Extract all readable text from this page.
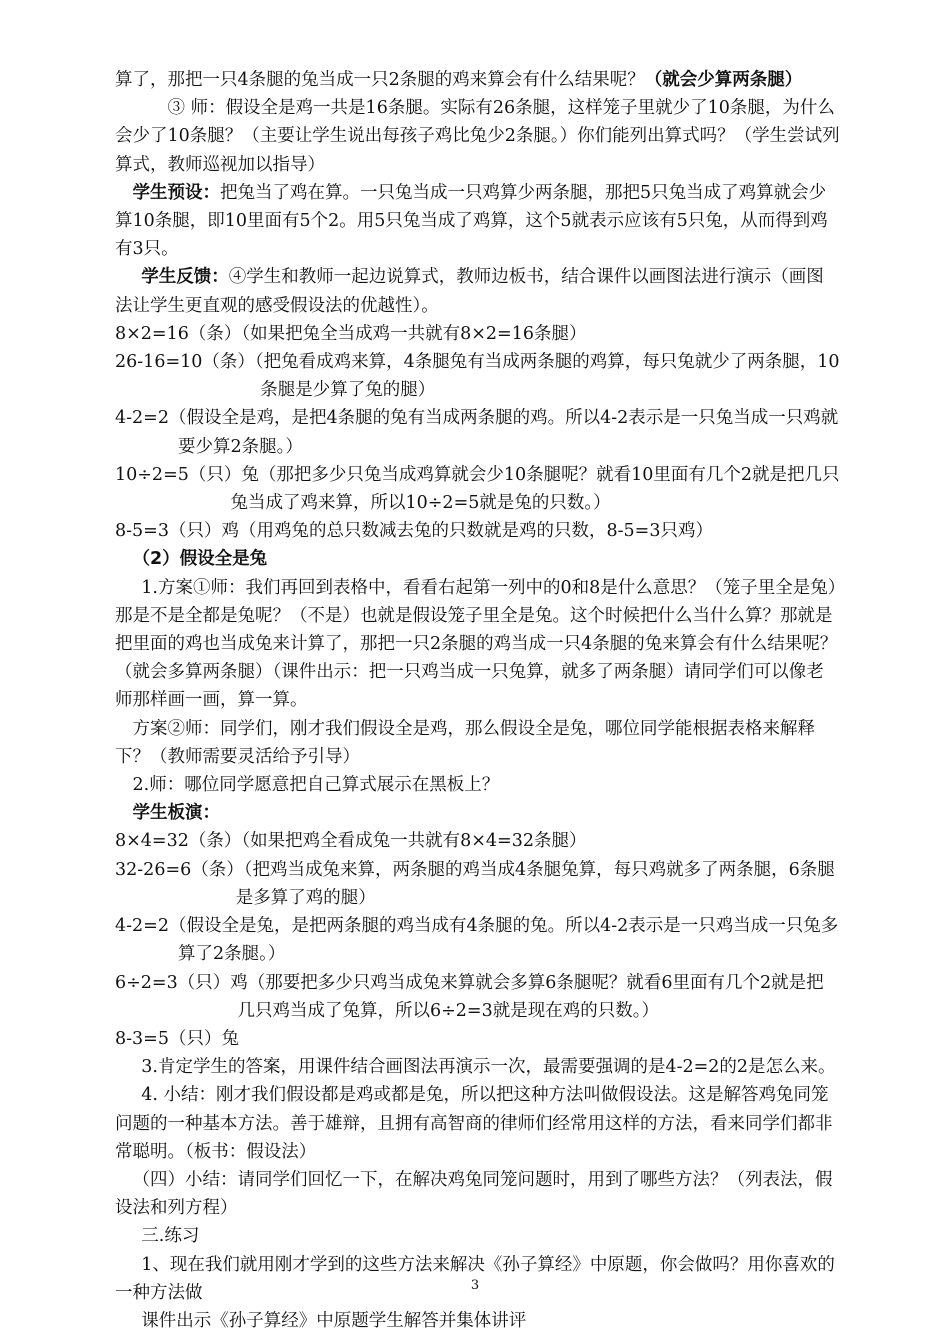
算了，那把一只4条腿的兔当成一只2条腿的鸡来算会有什么结果呢？（就会少算两条腿）

③ 师：假设全是鸡一共是16条腿。实际有26条腿，这样笼子里就少了10条腿，为什么会少了10条腿？（主要让学生说出每孩子鸡比兔少2条腿。）你们能列出算式吗？（学生尝试列算式，教师巡视加以指导）

学生预设：把兔当了鸡在算。一只兔当成一只鸡算少两条腿，那把5只兔当成了鸡算就会少算10条腿，即10里面有5个2。用5只兔当成了鸡算，这个5就表示应该有5只兔，从而得到鸡有3只。

学生反馈：④学生和教师一起边说算式，教师边板书，结合课件以画图法进行演示（画图法让学生更直观的感受假设法的优越性）。

8×2=16（条）（如果把兔全当成鸡一共就有8×2=16条腿）

26-16=10（条）（把兔看成鸡来算，4条腿兔有当成两条腿的鸡算，每只兔就少了两条腿，10条腿是少算了兔的腿）

4-2=2（假设全是鸡，是把4条腿的兔有当成两条腿的鸡。所以4-2表示是一只兔当成一只鸡就要少算2条腿。）

10÷2=5（只）兔（那把多少只兔当成鸡算就会少10条腿呢？就看10里面有几个2就是把几只兔当成了鸡来算，所以10÷2=5就是兔的只数。）

8-5=3（只）鸡（用鸡兔的总只数减去兔的只数就是鸡的只数，8-5=3只鸡）

（2）假设全是兔

1.方案①师：我们再回到表格中，看看右起第一列中的0和8是什么意思？（笼子里全是兔）那是不是全都是兔呢？（不是）也就是假设笼子里全是兔。这个时候把什么当什么算？那就是把里面的鸡也当成兔来计算了，那把一只2条腿的鸡当成一只4条腿的兔来算会有什么结果呢？（就会多算两条腿）（课件出示：把一只鸡当成一只兔算，就多了两条腿）请同学们可以像老师那样画一画，算一算。

方案②师：同学们，刚才我们假设全是鸡，那么假设全是兔，哪位同学能根据表格来解释下？（教师需要灵活给予引导）

2.师：哪位同学愿意把自己算式展示在黑板上？

学生板演：

8×4=32（条）（如果把鸡全看成兔一共就有8×4=32条腿）

32-26=6（条）（把鸡当成兔来算，两条腿的鸡当成4条腿兔算，每只鸡就多了两条腿，6条腿是多算了鸡的腿）

4-2=2（假设全是兔，是把两条腿的鸡当成有4条腿的兔。所以4-2表示是一只鸡当成一只兔多算了2条腿。）

6÷2=3（只）鸡（那要把多少只鸡当成兔来算就会多算6条腿呢？就看6里面有几个2就是把几只鸡当成了兔算，所以6÷2=3就是现在鸡的只数。）

8-3=5（只）兔

3.肯定学生的答案，用课件结合画图法再演示一次，最需要强调的是4-2=2的2是怎么来。

4. 小结：刚才我们假设都是鸡或都是兔，所以把这种方法叫做假设法。这是解答鸡兔同笼问题的一种基本方法。善于雄辩，且拥有高智商的律师们经常用这样的方法，看来同学们都非常聪明。（板书：假设法）

（四）小结：请同学们回忆一下，在解决鸡兔同笼问题时，用到了哪些方法？（列表法，假设法和列方程）

三.练习

1、现在我们就用刚才学到的这些方法来解决《孙子算经》中原题，你会做吗？用你喜欢的一种方法做

课件出示《孙子算经》中原题学生解答并集体讲评

3
